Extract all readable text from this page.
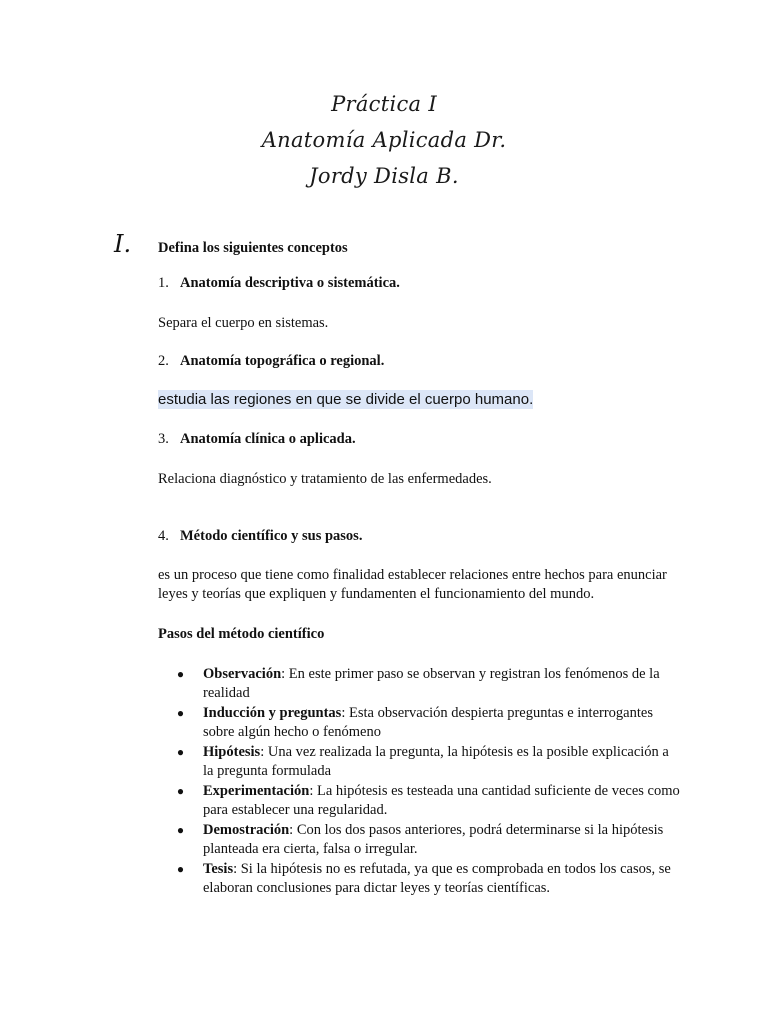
Práctica I
Anatomía Aplicada Dr.
Jordy Disla B.
I.	Defina los siguientes conceptos
1. Anatomía descriptiva o sistemática.

Separa el cuerpo en sistemas.

2. Anatomía topográfica o regional.
estudia las regiones en que se divide el cuerpo humano.
3. Anatomía clínica o aplicada.

Relaciona diagnóstico y tratamiento de las enfermedades.

4. Método científico y sus pasos.

es un proceso que tiene como finalidad establecer relaciones entre hechos para enunciar leyes y teorías que expliquen y fundamenten el funcionamiento del mundo.

Pasos del método científico
●	Observación: En este primer paso se observan y registran los fenómenos de la realidad
●	Inducción y preguntas: Esta observación despierta preguntas e interrogantes sobre algún hecho o fenómeno
●	Hipótesis: Una vez realizada la pregunta, la hipótesis es la posible explicación a la pregunta formulada
●	Experimentación: La hipótesis es testeada una cantidad suficiente de veces como para establecer una regularidad.
●	Demostración: Con los dos pasos anteriores, podrá determinarse si la hipótesis planteada era cierta, falsa o irregular.
●	Tesis: Si la hipótesis no es refutada, ya que es comprobada en todos los casos, se elaboran conclusiones para dictar leyes y teorías científicas.
